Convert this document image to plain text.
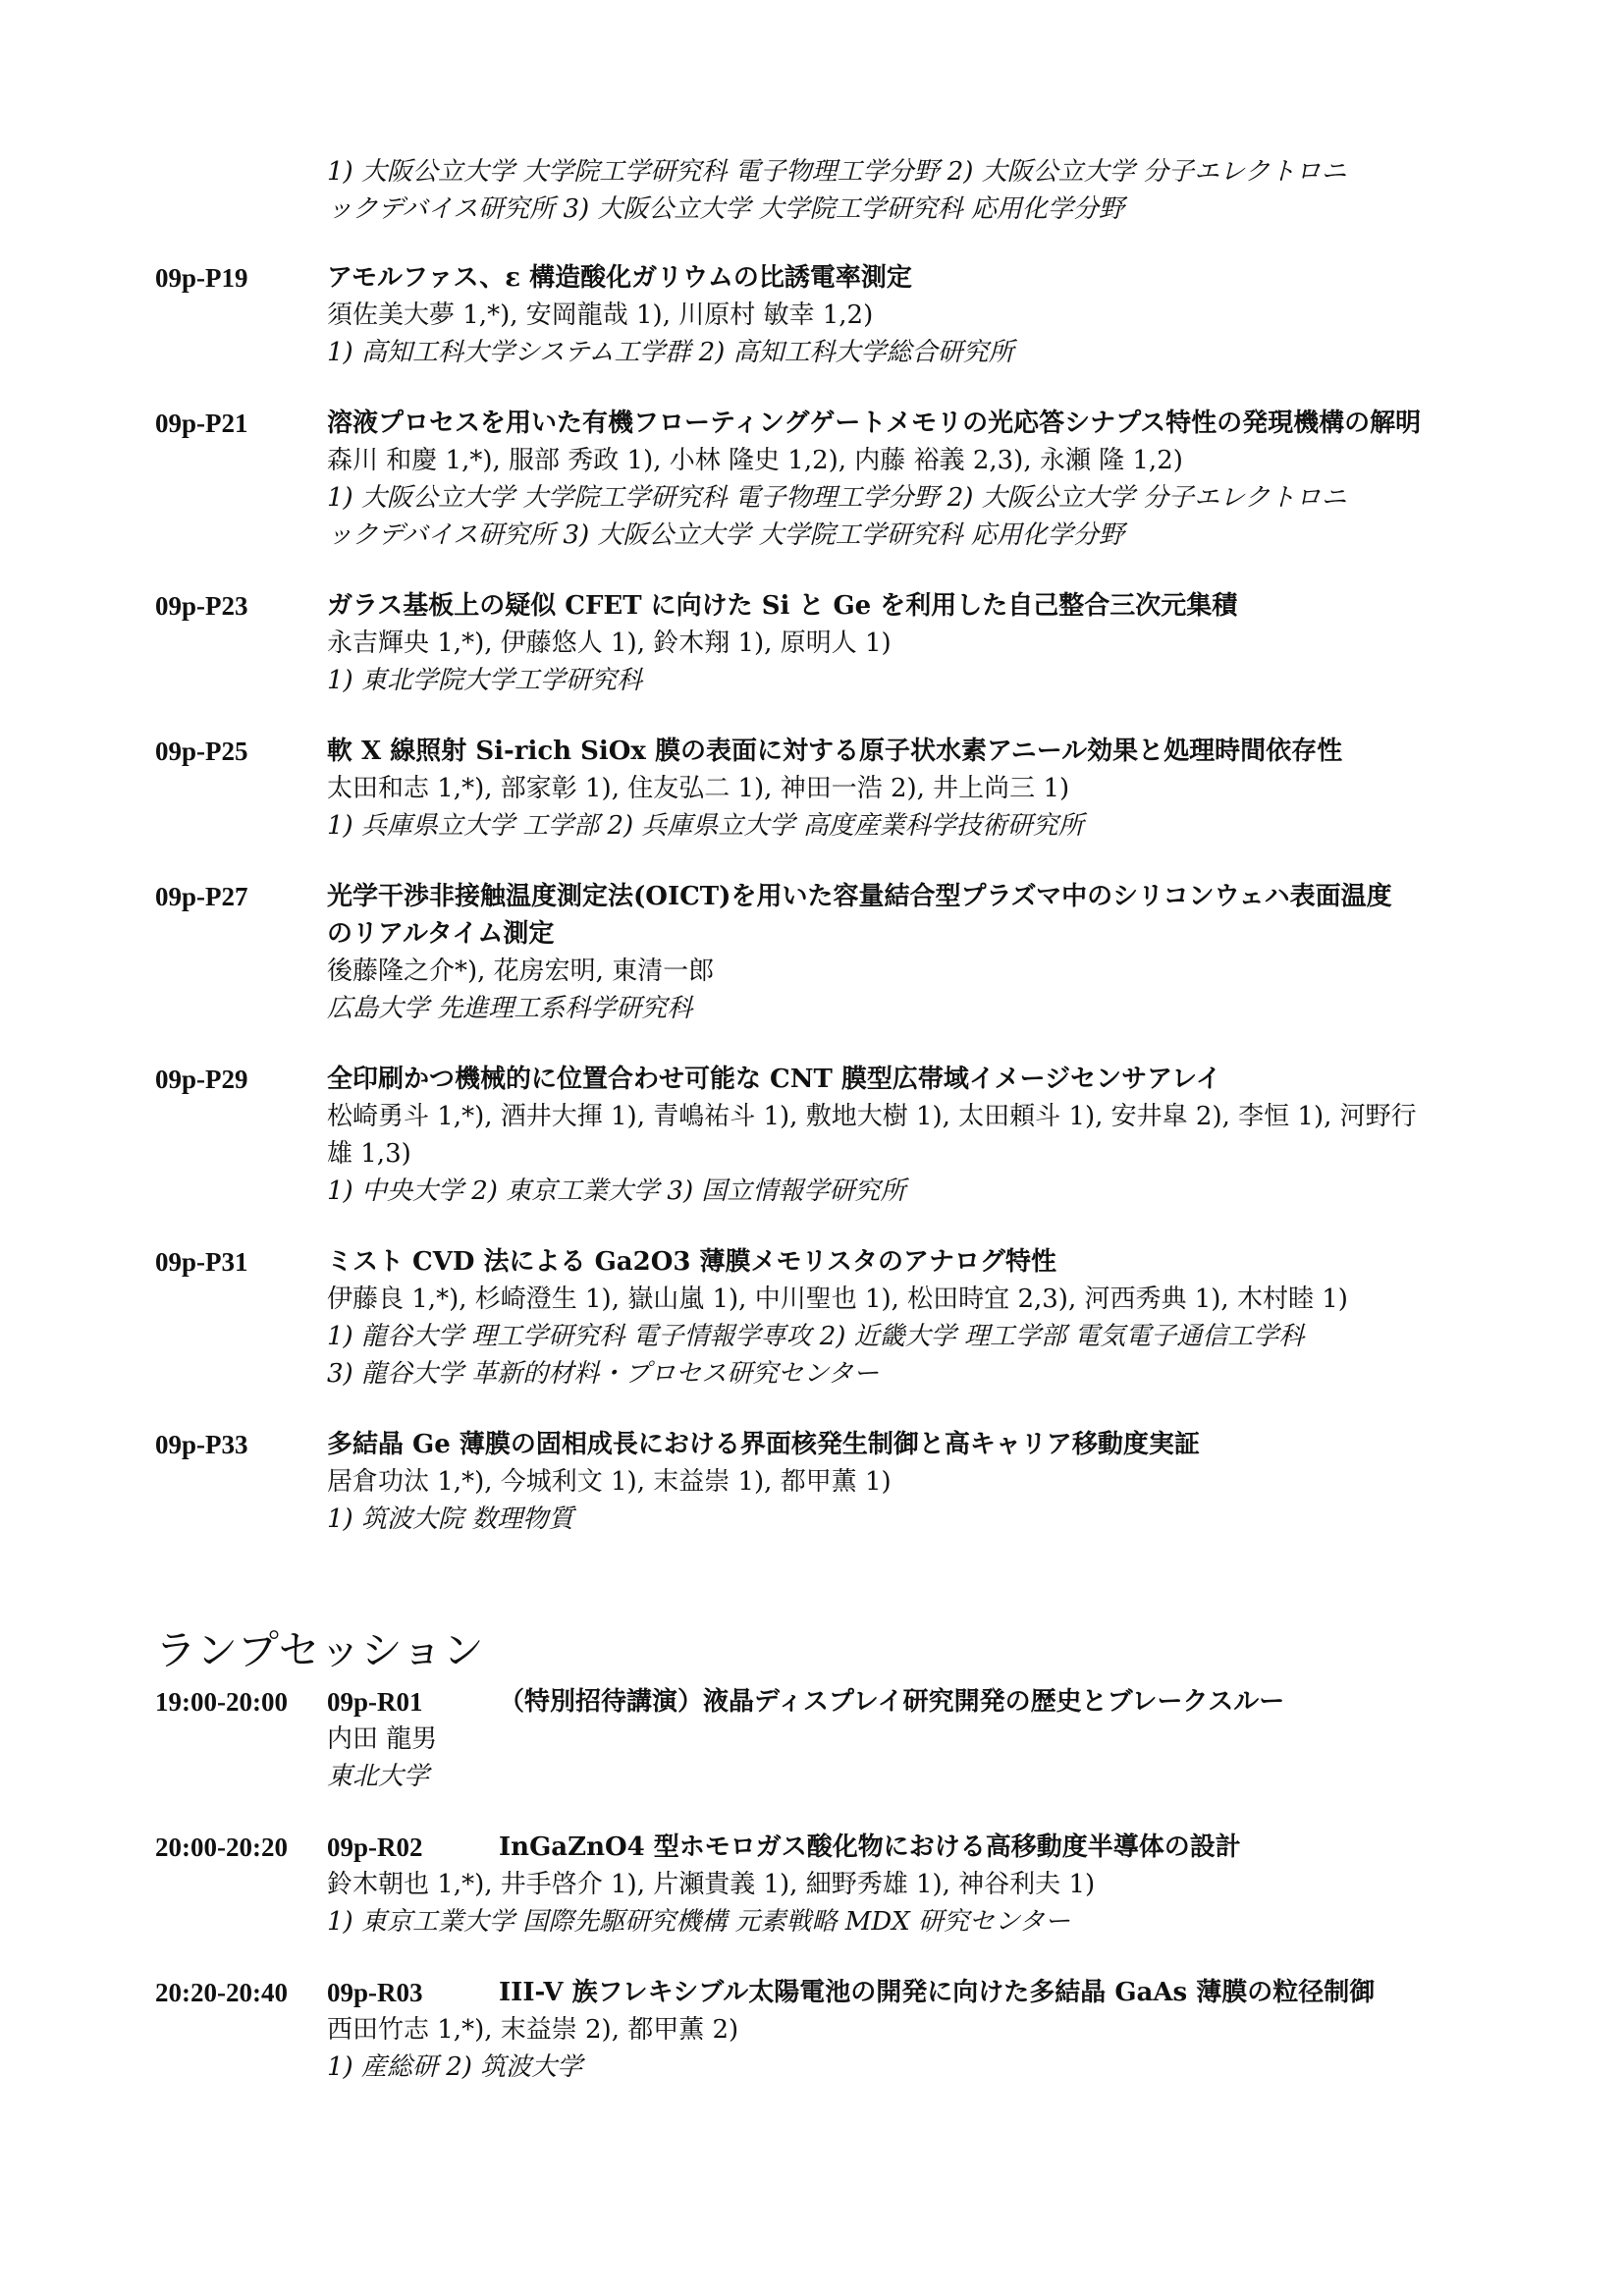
1) 大阪公立大学 大学院工学研究科 電子物理工学分野 2) 大阪公立大学 分子エレクトロニ
ックデバイス研究所 3) 大阪公立大学 大学院工学研究科 応用化学分野
09p-P19	アモルファス、ε 構造酸化ガリウムの比誘電率測定
須佐美大夢 1,*), 安岡龍哉 1), 川原村 敏幸 1,2)
1) 高知工科大学システム工学群 2) 高知工科大学総合研究所
09p-P21	溶液プロセスを用いた有機フローティングゲートメモリの光応答シナプス特性の発現機構の解明
森川 和慶 1,*), 服部 秀政 1), 小林 隆史 1,2), 内藤 裕義 2,3), 永瀬 隆 1,2)
1) 大阪公立大学 大学院工学研究科 電子物理工学分野 2) 大阪公立大学 分子エレクトロニ
ックデバイス研究所 3) 大阪公立大学 大学院工学研究科 応用化学分野
09p-P23	ガラス基板上の疑似 CFET に向けた Si と Ge を利用した自己整合三次元集積
永吉輝央 1,*), 伊藤悠人 1), 鈴木翔 1), 原明人 1)
1) 東北学院大学工学研究科
09p-P25	軟 X 線照射 Si-rich SiOx 膜の表面に対する原子状水素アニール効果と処理時間依存性
太田和志 1,*), 部家彰 1), 住友弘二 1), 神田一浩 2), 井上尚三 1)
1) 兵庫県立大学 工学部 2) 兵庫県立大学 高度産業科学技術研究所
09p-P27	光学干渉非接触温度測定法(OICT)を用いた容量結合型プラズマ中のシリコンウェハ表面温度
のリアルタイム測定
後藤隆之介*), 花房宏明, 東清一郎
広島大学 先進理工系科学研究科
09p-P29	全印刷かつ機械的に位置合わせ可能な CNT 膜型広帯域イメージセンサアレイ
松崎勇斗 1,*), 酒井大揮 1), 青嶋祐斗 1), 敷地大樹 1), 太田頼斗 1), 安井皐 2), 李恒 1), 河野行
雄 1,3)
1) 中央大学 2) 東京工業大学 3) 国立情報学研究所
09p-P31	ミスト CVD 法による Ga2O3 薄膜メモリスタのアナログ特性
伊藤良 1,*), 杉崎澄生 1), 嶽山嵐 1), 中川聖也 1), 松田時宜 2,3), 河西秀典 1), 木村睦 1)
1) 龍谷大学 理工学研究科 電子情報学専攻 2) 近畿大学 理工学部 電気電子通信工学科
3) 龍谷大学 革新的材料・プロセス研究センター
09p-P33	多結晶 Ge 薄膜の固相成長における界面核発生制御と高キャリア移動度実証
居倉功汰 1,*), 今城利文 1), 末益崇 1), 都甲薫 1)
1) 筑波大院 数理物質
ランプセッション
19:00-20:00 09p-R01	（特別招待講演）液晶ディスプレイ研究開発の歴史とブレークスルー
内田 龍男
東北大学
20:00-20:20 09p-R02	InGaZnO4 型ホモロガス酸化物における高移動度半導体の設計
鈴木朝也 1,*), 井手啓介 1), 片瀬貴義 1), 細野秀雄 1), 神谷利夫 1)
1) 東京工業大学 国際先駆研究機構 元素戦略 MDX 研究センター
20:20-20:40 09p-R03	III-V 族フレキシブル太陽電池の開発に向けた多結晶 GaAs 薄膜の粒径制御
西田竹志 1,*), 末益崇 2), 都甲薫 2)
1) 産総研 2) 筑波大学
